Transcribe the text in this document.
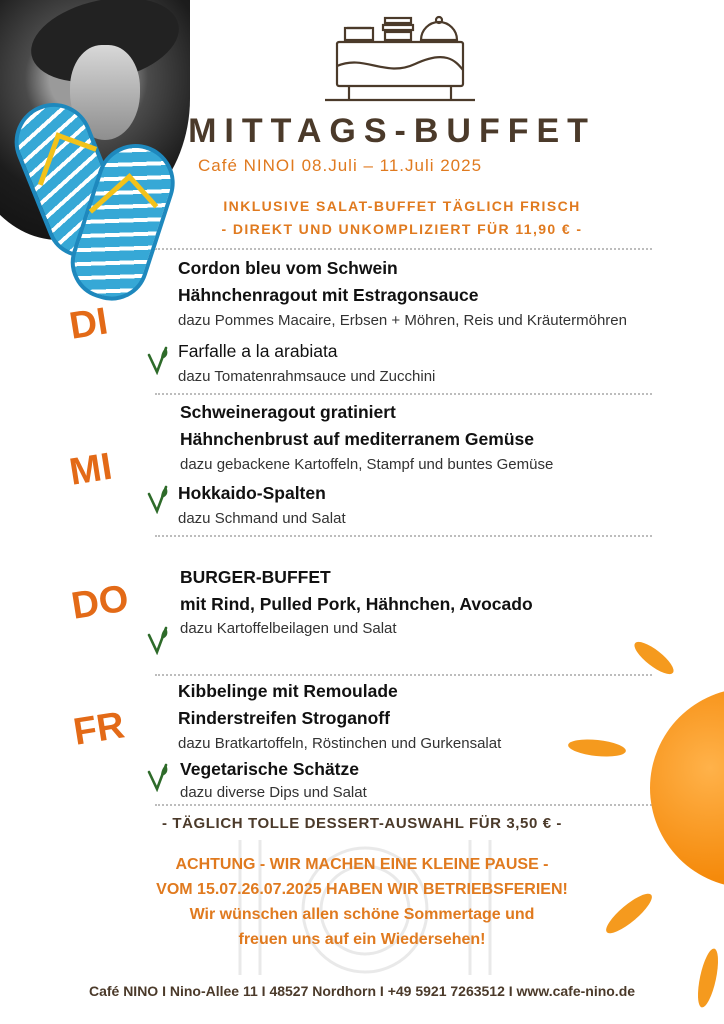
MITTAGS-BUFFET
Café NINOI 08.Juli – 11.Juli 2025
INKLUSIVE SALAT-BUFFET TÄGLICH FRISCH
- DIREKT UND UNKOMPLIZIERT FÜR 11,90 € -
DI
Cordon bleu vom Schwein
Hähnchenragout mit Estragonsauce
dazu Pommes Macaire, Erbsen + Möhren, Reis und Kräutermöhren
Farfalle a la arabiata
dazu Tomatenrahmsauce und Zucchini
MI
Schweineragout gratiniert
Hähnchenbrust auf mediterranem Gemüse
dazu gebackene Kartoffeln, Stampf und buntes Gemüse
Hokkaido-Spalten
dazu Schmand und Salat
DO
BURGER-BUFFET
mit Rind, Pulled Pork, Hähnchen, Avocado
dazu Kartoffelbeilagen und Salat
FR
Kibbelinge mit Remoulade
Rinderstreifen Stroganoff
dazu Bratkartoffeln, Röstinchen und Gurkensalat
Vegetarische Schätze
dazu diverse Dips und Salat
- TÄGLICH TOLLE DESSERT-AUSWAHL FÜR 3,50 € -
ACHTUNG - WIR MACHEN EINE KLEINE PAUSE -
VOM 15.07.26.07.2025 HABEN WIR BETRIEBSFERIEN!
Wir wünschen allen schöne Sommertage und
freuen uns auf ein Wiedersehen!
Café NINO I Nino-Allee 11 I 48527 Nordhorn I +49 5921 7263512 I www.cafe-nino.de
